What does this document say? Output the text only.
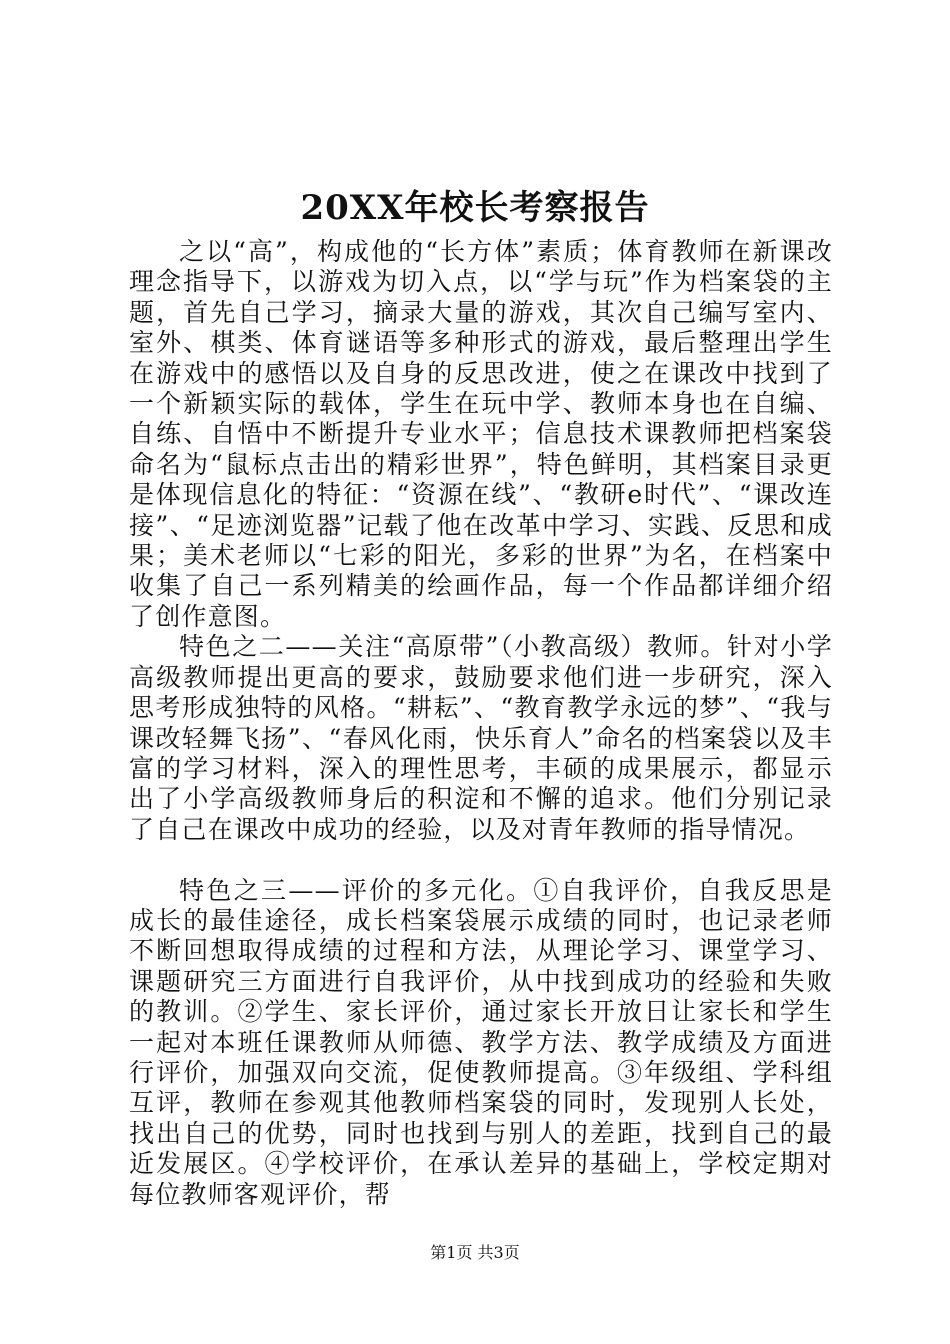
20XX年校长考察报告

之以“高”，构成他的“长方体”素质；体育教师在新课改理念指导下，以游戏为切入点，以“学与玩”作为档案袋的主题，首先自己学习，摘录大量的游戏，其次自己编写室内、室外、棋类、体育谜语等多种形式的游戏，最后整理出学生在游戏中的感悟以及自身的反思改进，使之在课改中找到了一个新颖实际的载体，学生在玩中学、教师本身也在自编、自练、自悟中不断提升专业水平；信息技术课教师把档案袋命名为“鼠标点击出的精彩世界”，特色鲜明，其档案目录更是体现信息化的特征：“资源在线”、“教研e时代”、“课改连接”、“足迹浏览器”记载了他在改革中学习、实践、反思和成果；美术老师以“七彩的阳光，多彩的世界”为名，在档案中收集了自己一系列精美的绘画作品，每一个作品都详细介绍了创作意图。

特色之二——关注“高原带”（小教高级）教师。针对小学高级教师提出更高的要求，鼓励要求他们进一步研究，深入思考形成独特的风格。“耕耘”、“教育教学永远的梦”、“我与课改轻舞飞扬”、“春风化雨，快乐育人”命名的档案袋以及丰富的学习材料，深入的理性思考，丰硕的成果展示，都显示出了小学高级教师身后的积淀和不懈的追求。他们分别记录了自己在课改中成功的经验，以及对青年教师的指导情况。

特色之三——评价的多元化。①自我评价，自我反思是成长的最佳途径，成长档案袋展示成绩的同时，也记录老师不断回想取得成绩的过程和方法，从理论学习、课堂学习、课题研究三方面进行自我评价，从中找到成功的经验和失败的教训。②学生、家长评价，通过家长开放日让家长和学生一起对本班任课教师从师德、教学方法、教学成绩及方面进行评价，加强双向交流，促使教师提高。③年级组、学科组互评，教师在参观其他教师档案袋的同时，发现别人长处，找出自己的优势，同时也找到与别人的差距，找到自己的最近发展区。④学校评价，在承认差异的基础上，学校定期对每位教师客观评价，帮

第1页 共3页
